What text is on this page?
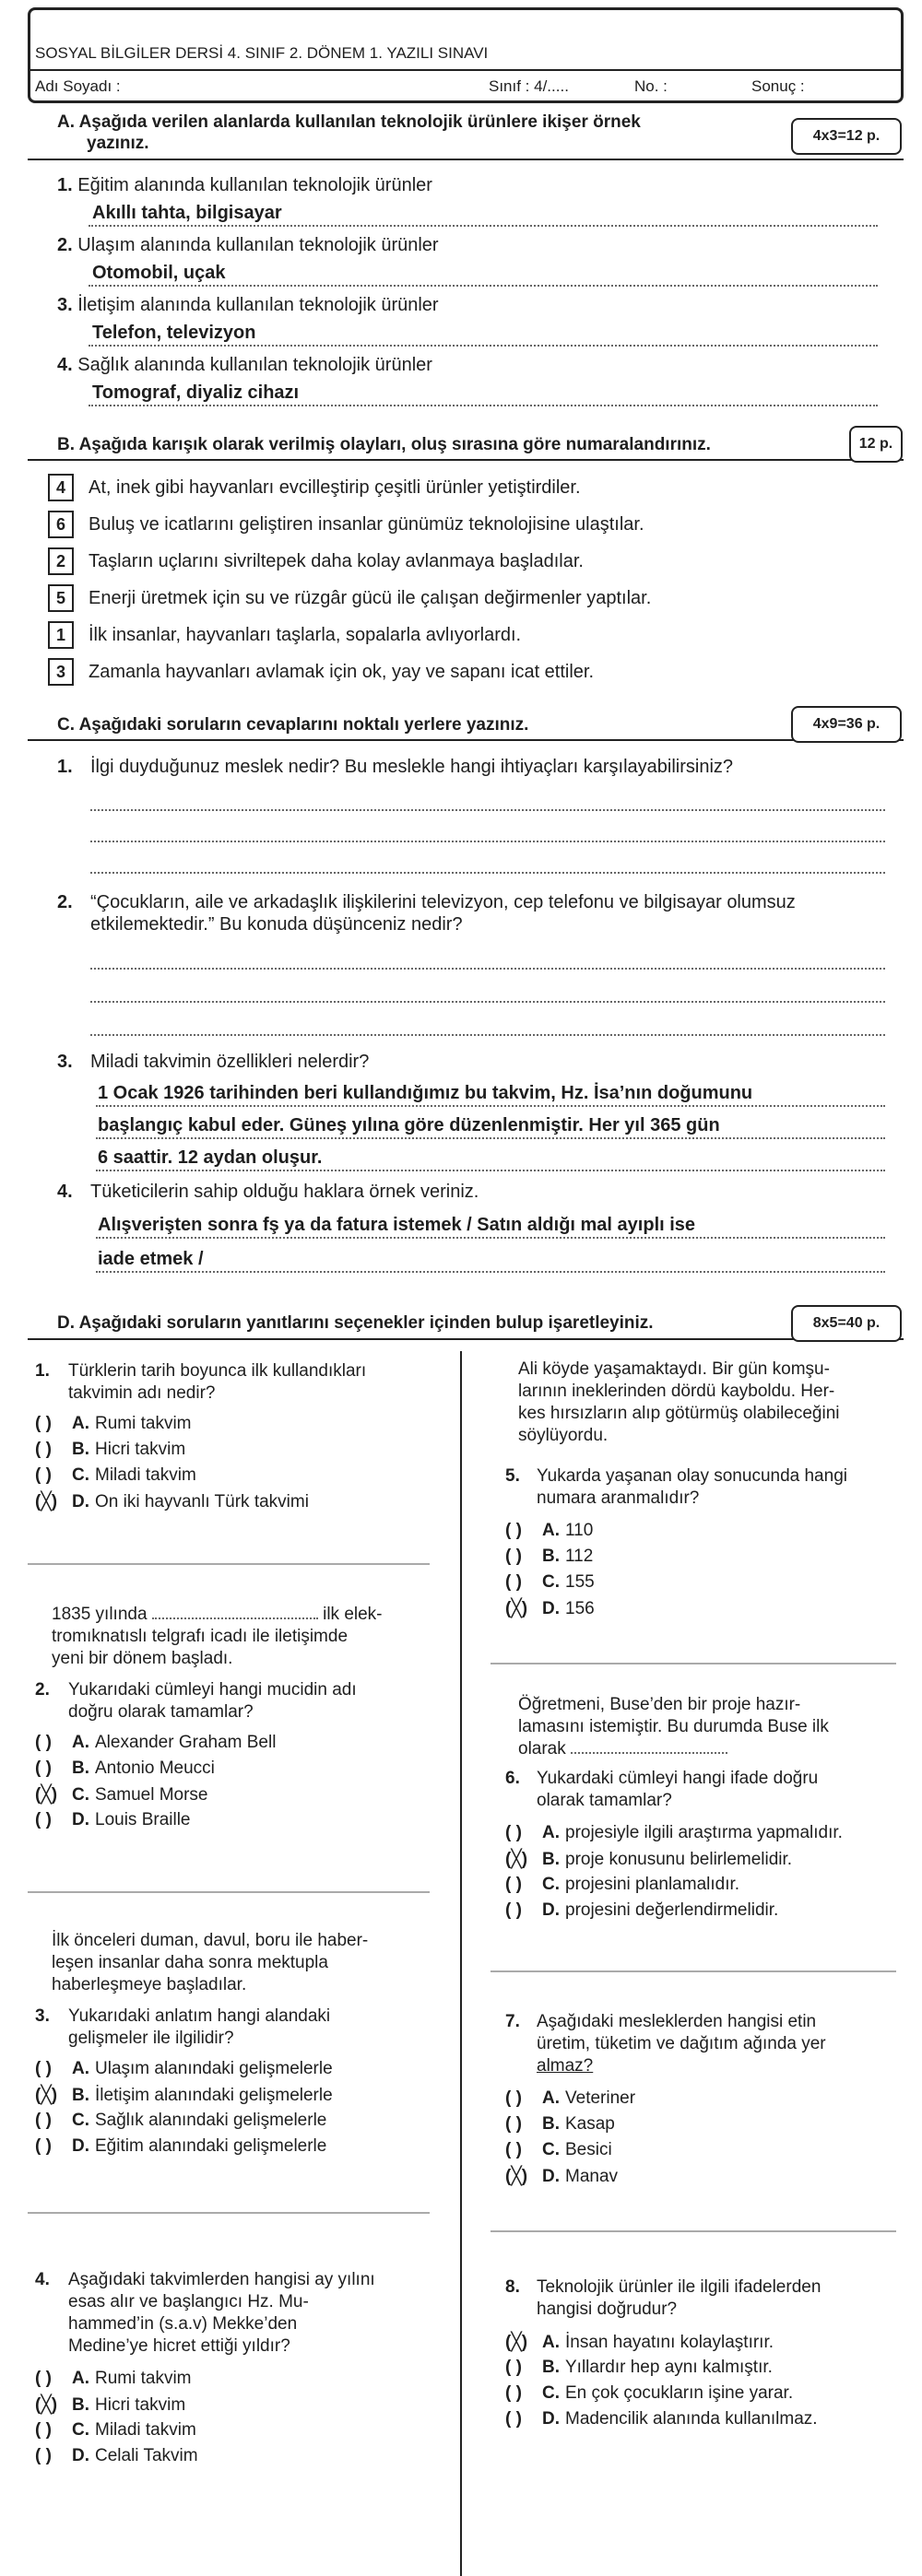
SOSYAL BİLGİLER DERSİ 4. SINIF 2. DÖNEM 1. YAZILI SINAVI
Adı Soyadı :	Sınıf : 4/.....	No. :	Sonuç :
A. Aşağıda verilen alanlarda kullanılan teknolojik ürünlere ikişer örnek
yazınız.	4x3=12 p.
1. Eğitim alanında kullanılan teknolojik ürünler
Akıllı tahta, bilgisayar
2. Ulaşım alanında kullanılan teknolojik ürünler
Otomobil, uçak
3. İletişim alanında kullanılan teknolojik ürünler
Telefon, televizyon
4. Sağlık alanında kullanılan teknolojik ürünler
Tomograf, diyaliz cihazı
B. Aşağıda karışık olarak verilmiş olayları, oluş sırasına göre numaralandırınız.	12 p.
4	At, inek gibi hayvanları evcilleştirip çeşitli ürünler yetiştirdiler.
6	Buluş ve icatlarını geliştiren insanlar günümüz teknolojisine ulaştılar.
2	Taşların uçlarını sivriltерek daha kolay avlanmaya başladılar.
5	Enerji üretmek için su ve rüzgâr gücü ile çalışan değirmenler yaptılar.
1	İlk insanlar, hayvanları taşlarla, sopalarla avlıyorlardı.
3	Zamanla hayvanları avlamak için ok, yay ve sapanı icat ettiler.
C. Aşağıdaki soruların cevaplarını noktalı yerlere yazınız.	4x9=36 p.
1. İlgi duyduğunuz meslek nedir? Bu meslekle hangi ihtiyaçları karşılayabilirsiniz?
2. “Çocukların, aile ve arkadaşlık ilişkilerini televizyon, cep telefonu ve bilgisayar olumsuz
etkilemektedir.” Bu konuda düşünceniz nedir?
3. Miladi takvimin özellikleri nelerdir?
1 Ocak 1926 tarihinden beri kullandığımız bu takvim, Hz. İsa’nın doğumunu
başlangıç kabul eder. Güneş yılına göre düzenlenmiştir. Her yıl 365 gün
6 saattir. 12 aydan oluşur.
4. Tüketicilerin sahip olduğu haklara örnek veriniz.
Alışverişten sonra fş ya da fatura istemek / Satın aldığı mal ayıplı ise
iade etmek /
D. Aşağıdaki soruların yanıtlarını seçenekler içinden bulup işaretleyiniz.	8x5=40 p.
1. Türklerin tarih boyunca ilk kullandıkları
takvimin adı nedir?
( ) A. Rumi takvim
( ) B. Hicri takvim
( ) C. Miladi takvim
(╳) D. On iki hayvanlı Türk takvimi
1835 yılında	ilk elek-
tromıknatıslı telgrafı icadı ile iletişimde
yeni bir dönem başladı.
2. Yukarıdaki cümleyi hangi mucidin adı
doğru olarak tamamlar?
( ) A. Alexander Graham Bell
( ) B. Antonio Meucci
(╳) C. Samuel Morse
( ) D. Louis Braille
İlk önceleri duman, davul, boru ile haber-
leşen insanlar daha sonra mektupla
haberleşmeye başladılar.
3. Yukarıdaki anlatım hangi alandaki
gelişmeler ile ilgilidir?
( ) A. Ulaşım alanındaki gelişmelerle
(╳) B. İletişim alanındaki gelişmelerle
( ) C. Sağlık alanındaki gelişmelerle
( ) D. Eğitim alanındaki gelişmelerle
4. Aşağıdaki takvimlerden hangisi ay yılını
esas alır ve başlangıcı Hz. Mu-
hammed’in (s.a.v) Mekke’den
Medine’ye hicret ettiği yıldır?
( ) A. Rumi takvim
(╳) B. Hicri takvim
( ) C. Miladi takvim
( ) D. Celali Takvim
Ali köyde yaşamaktaydı. Bir gün komşu-
larının ineklerinden dördü kayboldu. Her-
kes hırsızların alıp götürmüş olabileceğini
söylüyordu.
5. Yukarda yaşanan olay sonucunda hangi
numara aranmalıdır?
( ) A. 110
( ) B. 112
( ) C. 155
(╳) D. 156
Öğretmeni, Buse’den bir proje hazır-
lamasını istemiştir. Bu durumda Buse ilk
olarak
6. Yukardaki cümleyi hangi ifade doğru
olarak tamamlar?
( ) A. projesiyle ilgili araştırma yapmalıdır.
(╳) B. proje konusunu belirlemelidir.
( ) C. projesini planlamalıdır.
( ) D. projesini değerlendirmelidir.
7. Aşağıdaki mesleklerden hangisi etin
üretim, tüketim ve dağıtım ağında yer
almaz?
( ) A. Veteriner
( ) B. Kasap
( ) C. Besici
(╳) D. Manav
8. Teknolojik ürünler ile ilgili ifadelerden
hangisi doğrudur?
(╳) A. İnsan hayatını kolaylaştırır.
( ) B. Yıllardır hep aynı kalmıştır.
( ) C. En çok çocukların işine yarar.
( ) D. Madencilik alanında kullanılmaz.
